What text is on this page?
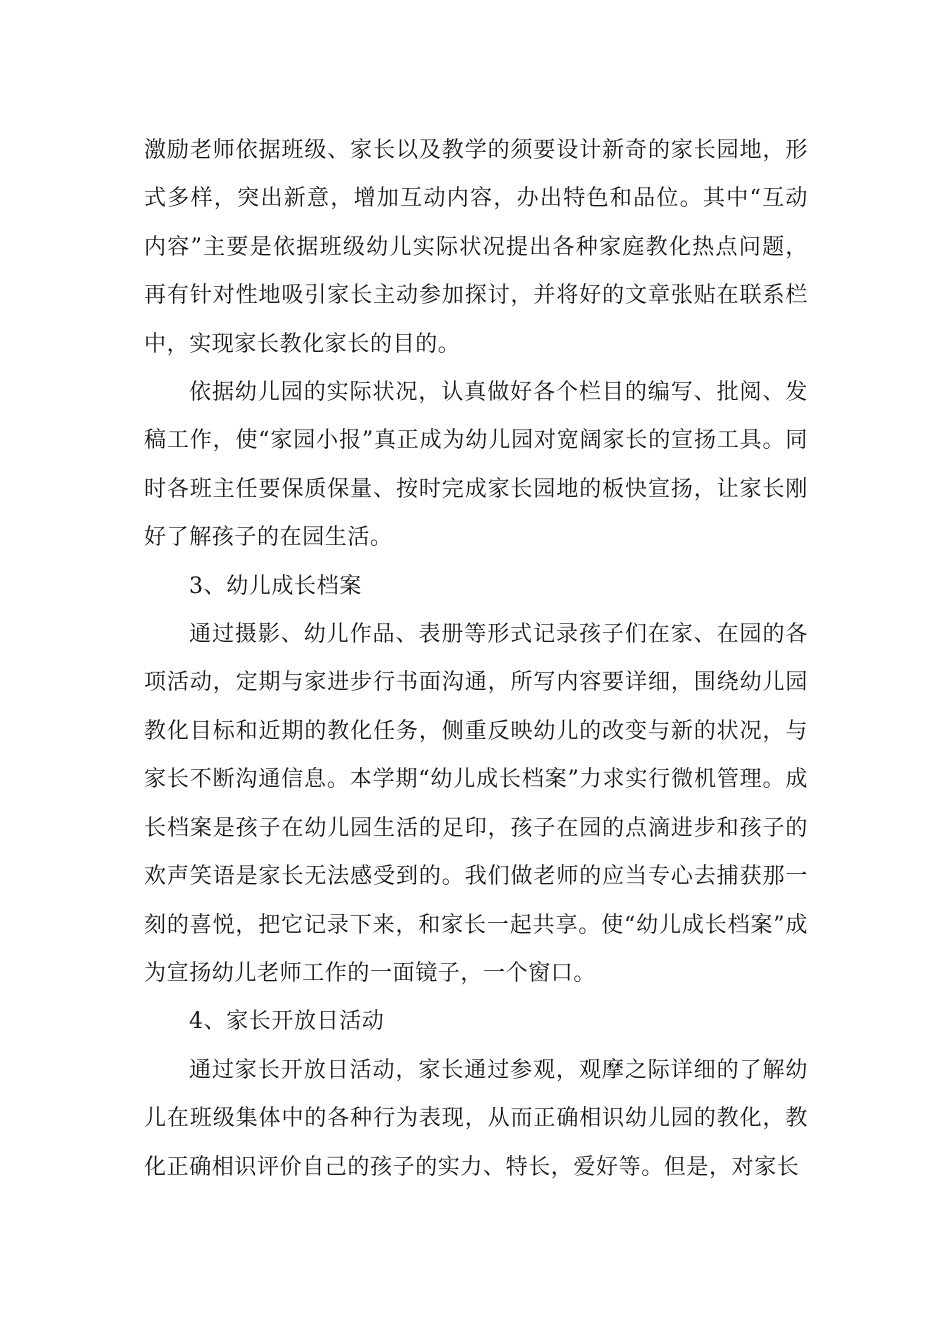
激励老师依据班级、家长以及教学的须要设计新奇的家长园地，形式多样，突出新意，增加互动内容，办出特色和品位。其中“互动内容”主要是依据班级幼儿实际状况提出各种家庭教化热点问题，再有针对性地吸引家长主动参加探讨，并将好的文章张贴在联系栏中，实现家长教化家长的目的。

依据幼儿园的实际状况，认真做好各个栏目的编写、批阅、发稿工作，使“家园小报”真正成为幼儿园对宽阔家长的宣扬工具。同时各班主任要保质保量、按时完成家长园地的板快宣扬，让家长刚好了解孩子的在园生活。

3、幼儿成长档案

通过摄影、幼儿作品、表册等形式记录孩子们在家、在园的各项活动，定期与家进步行书面沟通，所写内容要详细，围绕幼儿园教化目标和近期的教化任务，侧重反映幼儿的改变与新的状况，与家长不断沟通信息。本学期“幼儿成长档案”力求实行微机管理。成长档案是孩子在幼儿园生活的足印，孩子在园的点滴进步和孩子的欢声笑语是家长无法感受到的。我们做老师的应当专心去捕获那一刻的喜悦，把它记录下来，和家长一起共享。使“幼儿成长档案”成为宣扬幼儿老师工作的一面镜子，一个窗口。

4、家长开放日活动

通过家长开放日活动，家长通过参观，观摩之际详细的了解幼儿在班级集体中的各种行为表现，从而正确相识幼儿园的教化，教化正确相识评价自己的孩子的实力、特长，爱好等。但是，对家长
